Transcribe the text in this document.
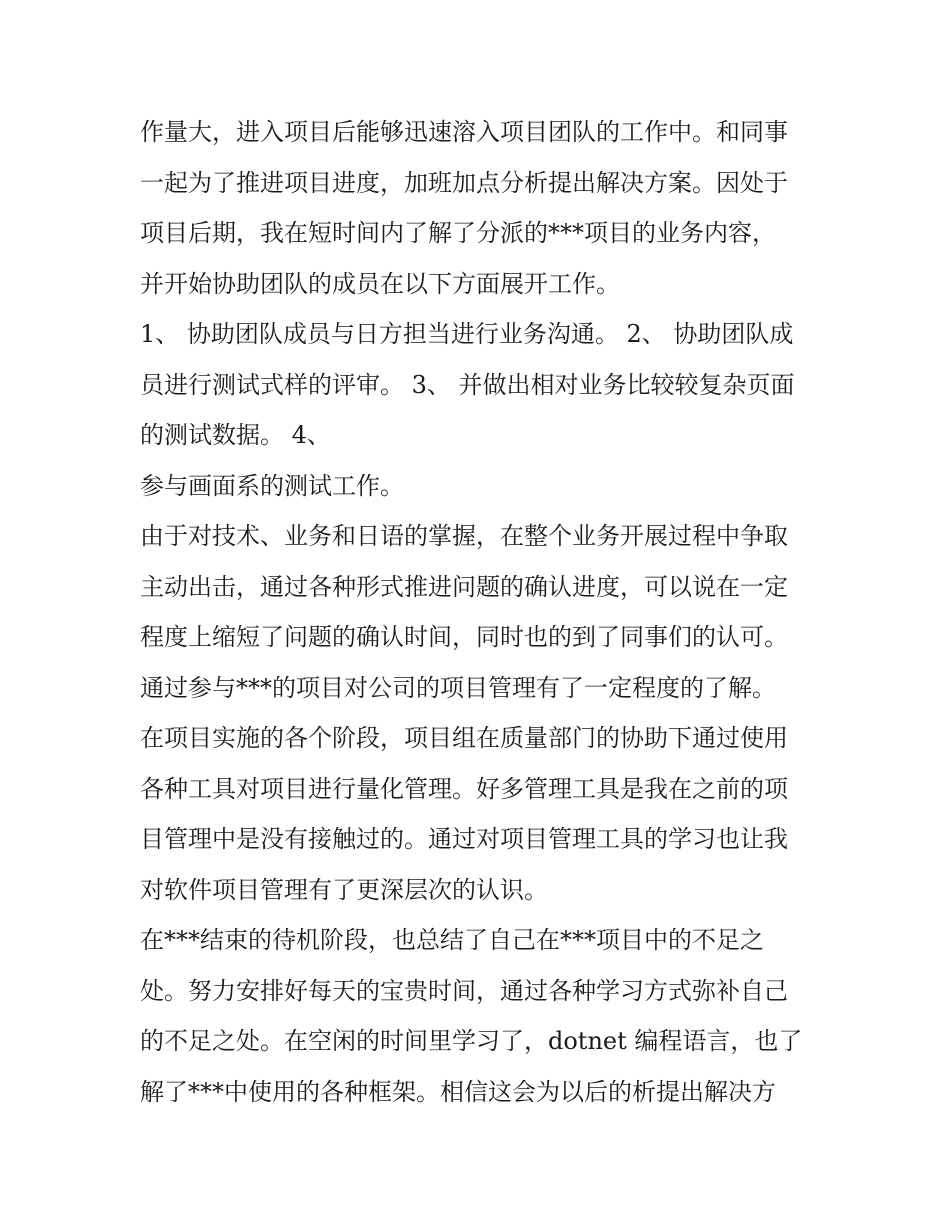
作量大，进入项目后能够迅速溶入项目团队的工作中。和同事
一起为了推进项目进度，加班加点分析提出解决方案。因处于
项目后期，我在短时间内了解了分派的***项目的业务内容，
并开始协助团队的成员在以下方面展开工作。
1、 协助团队成员与日方担当进行业务沟通。 2、 协助团队成
员进行测试式样的评审。 3、 并做出相对业务比较较复杂页面
的测试数据。 4、
参与画面系的测试工作。
由于对技术、业务和日语的掌握，在整个业务开展过程中争取
主动出击，通过各种形式推进问题的确认进度，可以说在一定
程度上缩短了问题的确认时间，同时也的到了同事们的认可。
通过参与***的项目对公司的项目管理有了一定程度的了解。
在项目实施的各个阶段，项目组在质量部门的协助下通过使用
各种工具对项目进行量化管理。好多管理工具是我在之前的项
目管理中是没有接触过的。通过对项目管理工具的学习也让我
对软件项目管理有了更深层次的认识。
在***结束的待机阶段，也总结了自己在***项目中的不足之
处。努力安排好每天的宝贵时间，通过各种学习方式弥补自己
的不足之处。在空闲的时间里学习了，dotnet 编程语言，也了
解了***中使用的各种框架。相信这会为以后的析提出解决方
